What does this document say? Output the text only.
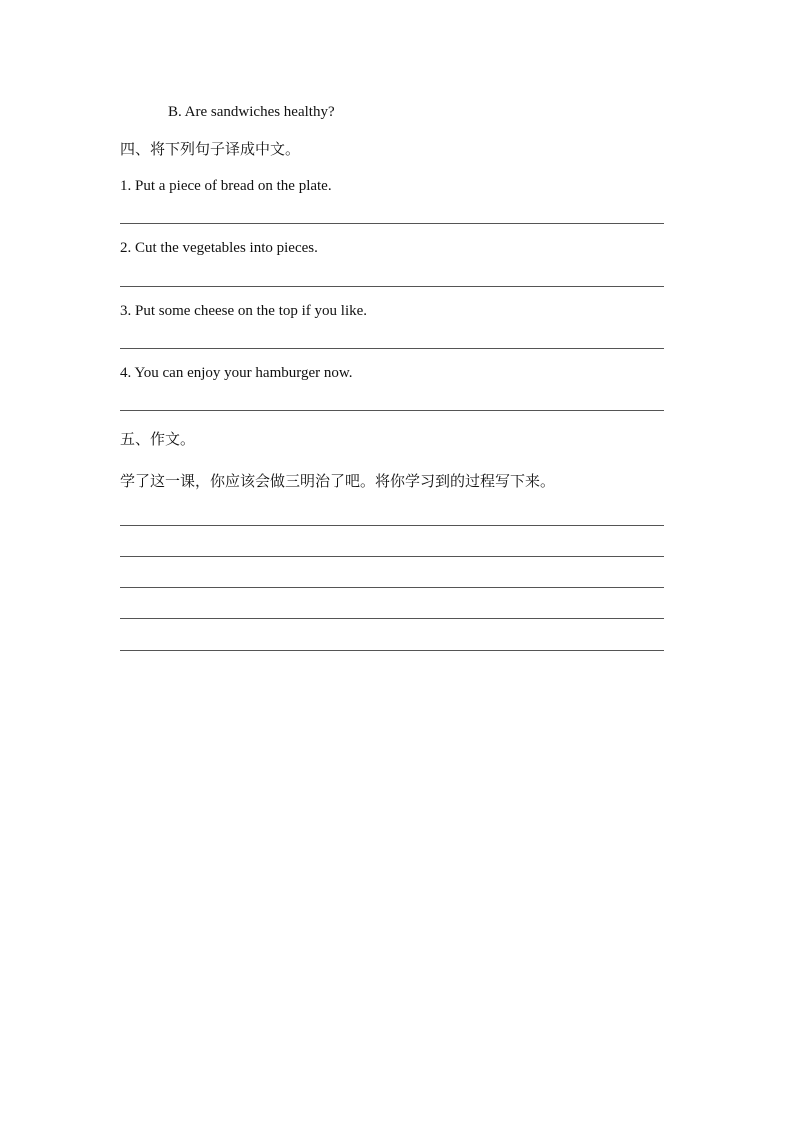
B. Are sandwiches healthy?
四、将下列句子译成中文。
1. Put a piece of bread on the plate.
2. Cut the vegetables into pieces.
3. Put some cheese on the top if you like.
4. You can enjoy your hamburger now.
五、作文。
学了这一课，你应该会做三明治了吧。将你学习到的过程写下来。
